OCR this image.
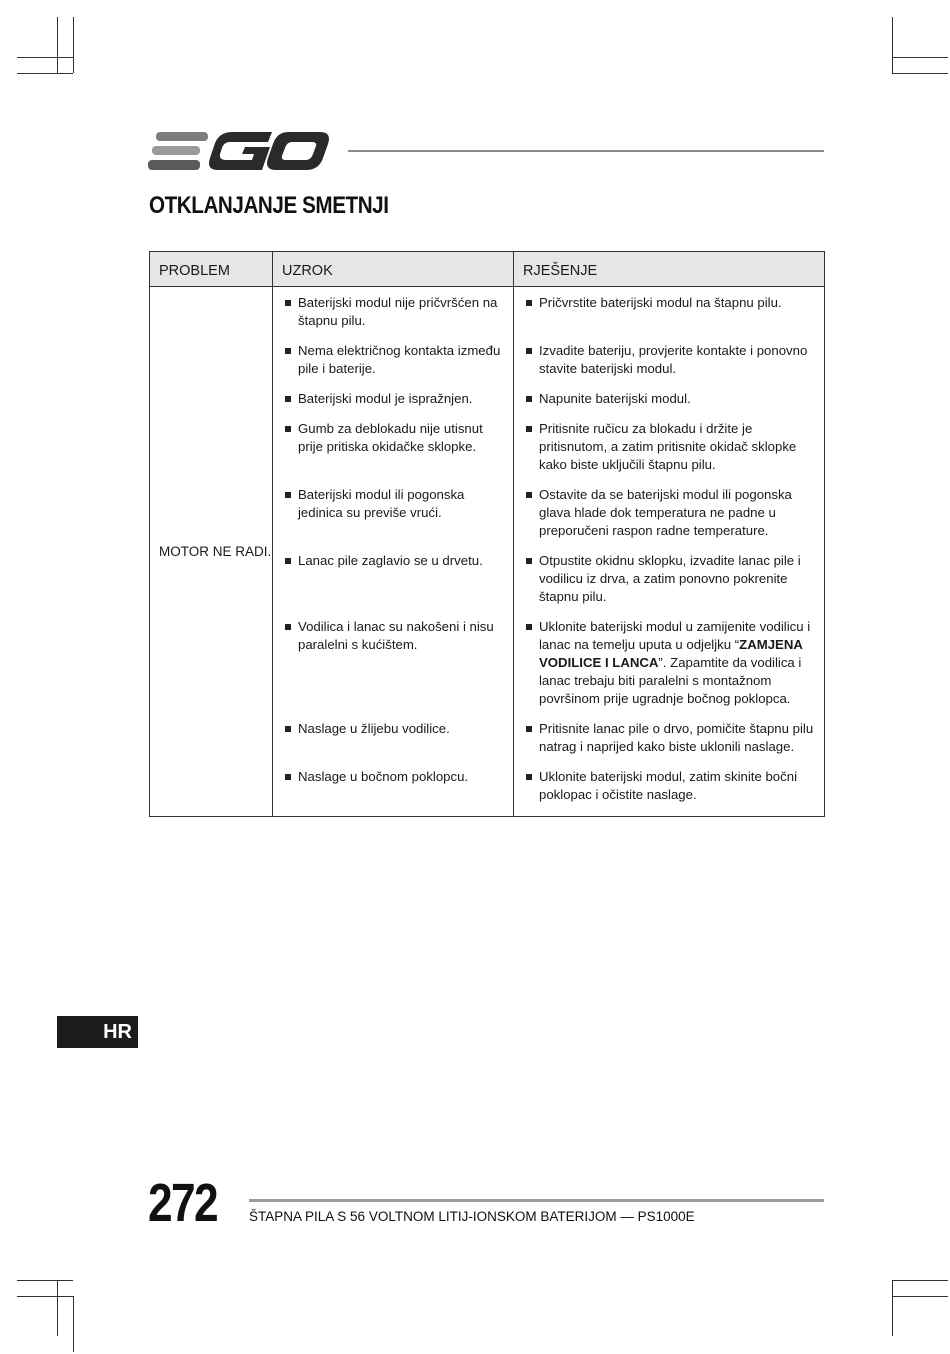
OTKLANJANJE SMETNJI
PROBLEM	UZROK	RJEŠENJE
MOTOR NE RADI.	Baterijski modul nije pričvršćen na štapnu pilu.	Pričvrstite baterijski modul na štapnu pilu.

	Nema električnog kontakta između pile i baterije.	Izvadite bateriju, provjerite kontakte i ponovno stavite baterijski modul.

	Baterijski modul je ispražnjen.	Napunite baterijski modul.

	Gumb za deblokadu nije utisnut prije pritiska okidačke sklopke.	Pritisnite ručicu za blokadu i držite je pritisnutom, a zatim pritisnite okidač sklopke kako biste uključili štapnu pilu.

	Baterijski modul ili pogonska jedinica su previše vrući.	Ostavite da se baterijski modul ili pogonska glava hlade dok temperatura ne padne u preporučeni raspon radne temperature.

	Lanac pile zaglavio se u drvetu.	Otpustite okidnu sklopku, izvadite lanac pile i vodilicu iz drva, a zatim ponovno pokrenite štapnu pilu.

	Vodilica i lanac su nakošeni i nisu paralelni s kućištem.	Uklonite baterijski modul u zamijenite vodilicu i lanac na temelju uputa u odjeljku “ZAMJENA VODILICE I LANCA”. Zapamtite da vodilica i lanac trebaju biti paralelni s montažnom površinom prije ugradnje bočnog poklopca.

	Naslage u žlijebu vodilice.	Pritisnite lanac pile o drvo, pomičite štapnu pilu natrag i naprijed kako biste uklonili naslage.

	Naslage u bočnom poklopcu.	Uklonite baterijski modul, zatim skinite bočni poklopac i očistite naslage.
HR
272 ŠTAPNA PILA S 56 VOLTNOM LITIJ-IONSKOM BATERIJOM — PS1000E
